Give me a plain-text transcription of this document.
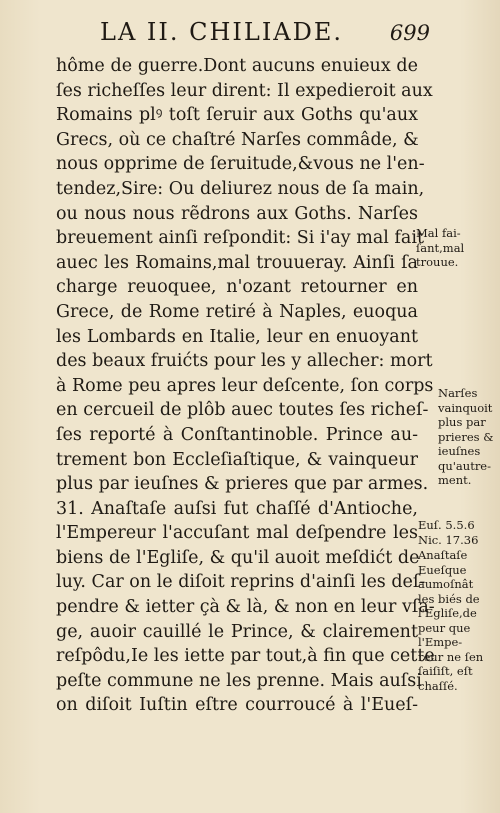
LA II. CHILIADE. 699
hôme de guerre.Dont aucuns enuieux de
ſes richeſſes leur dirent: Il expedieroit aux
Romains plꝰ toſt ſeruir aux Goths qu'aux
Grecs, où ce chaſtré Narſes commâde, &
nous opprime de ſeruitude,&vous ne l'en-
tendez,Sire: Ou deliurez nous de ſa main,
ou nous nous rẽdrons aux Goths. Narſes
breuement ainſi reſpondit: Si i'ay mal fait
auec les Romains,mal trouueray. Ainſi ſa
charge reuoquee, n'ozant retourner en
Grece, de Rome retiré à Naples, euoqua
les Lombards en Italie, leur en enuoyant
des beaux fruićts pour les y allecher: mort
à Rome peu apres leur deſcente, ſon corps
en cercueil de plôb auec toutes ſes richeſ-
ſes reporté à Conſtantinoble. Prince au-
trement bon Eccleſiaſtique, & vainqueur
plus par ieuſnes & prieres que par armes.
31. Anaſtaſe auſsi fut chaſſé d'Antioche,
l'Empereur l'accuſant mal deſpendre les
biens de l'Egliſe, & qu'il auoit meſdićt de
luy. Car on le diſoit reprins d'ainſi les deſ-
pendre & ietter çà & là, & non en leur vſa-
ge, auoir cauillé le Prince, & clairement
reſpôdu,Ie les iette par tout,à fin que cette
peſte commune ne les prenne. Mais auſsi
on diſoit Iuſtin eſtre courroucé à l'Eueſ-
Mal fai-
ſant,mal
trouue.
Narſes
vainquoit
plus par
prieres &
ieuſnes
qu'autre-
ment.
Euſ. 5.5.6
Nic. 17.36
Anaſtaſe
Eueſque
aumoſnât
les biés de
l'Egliſe,de
peur que
l'Empe-
reur ne ſen
ſaiſiſt, eſt
chaſſé.
